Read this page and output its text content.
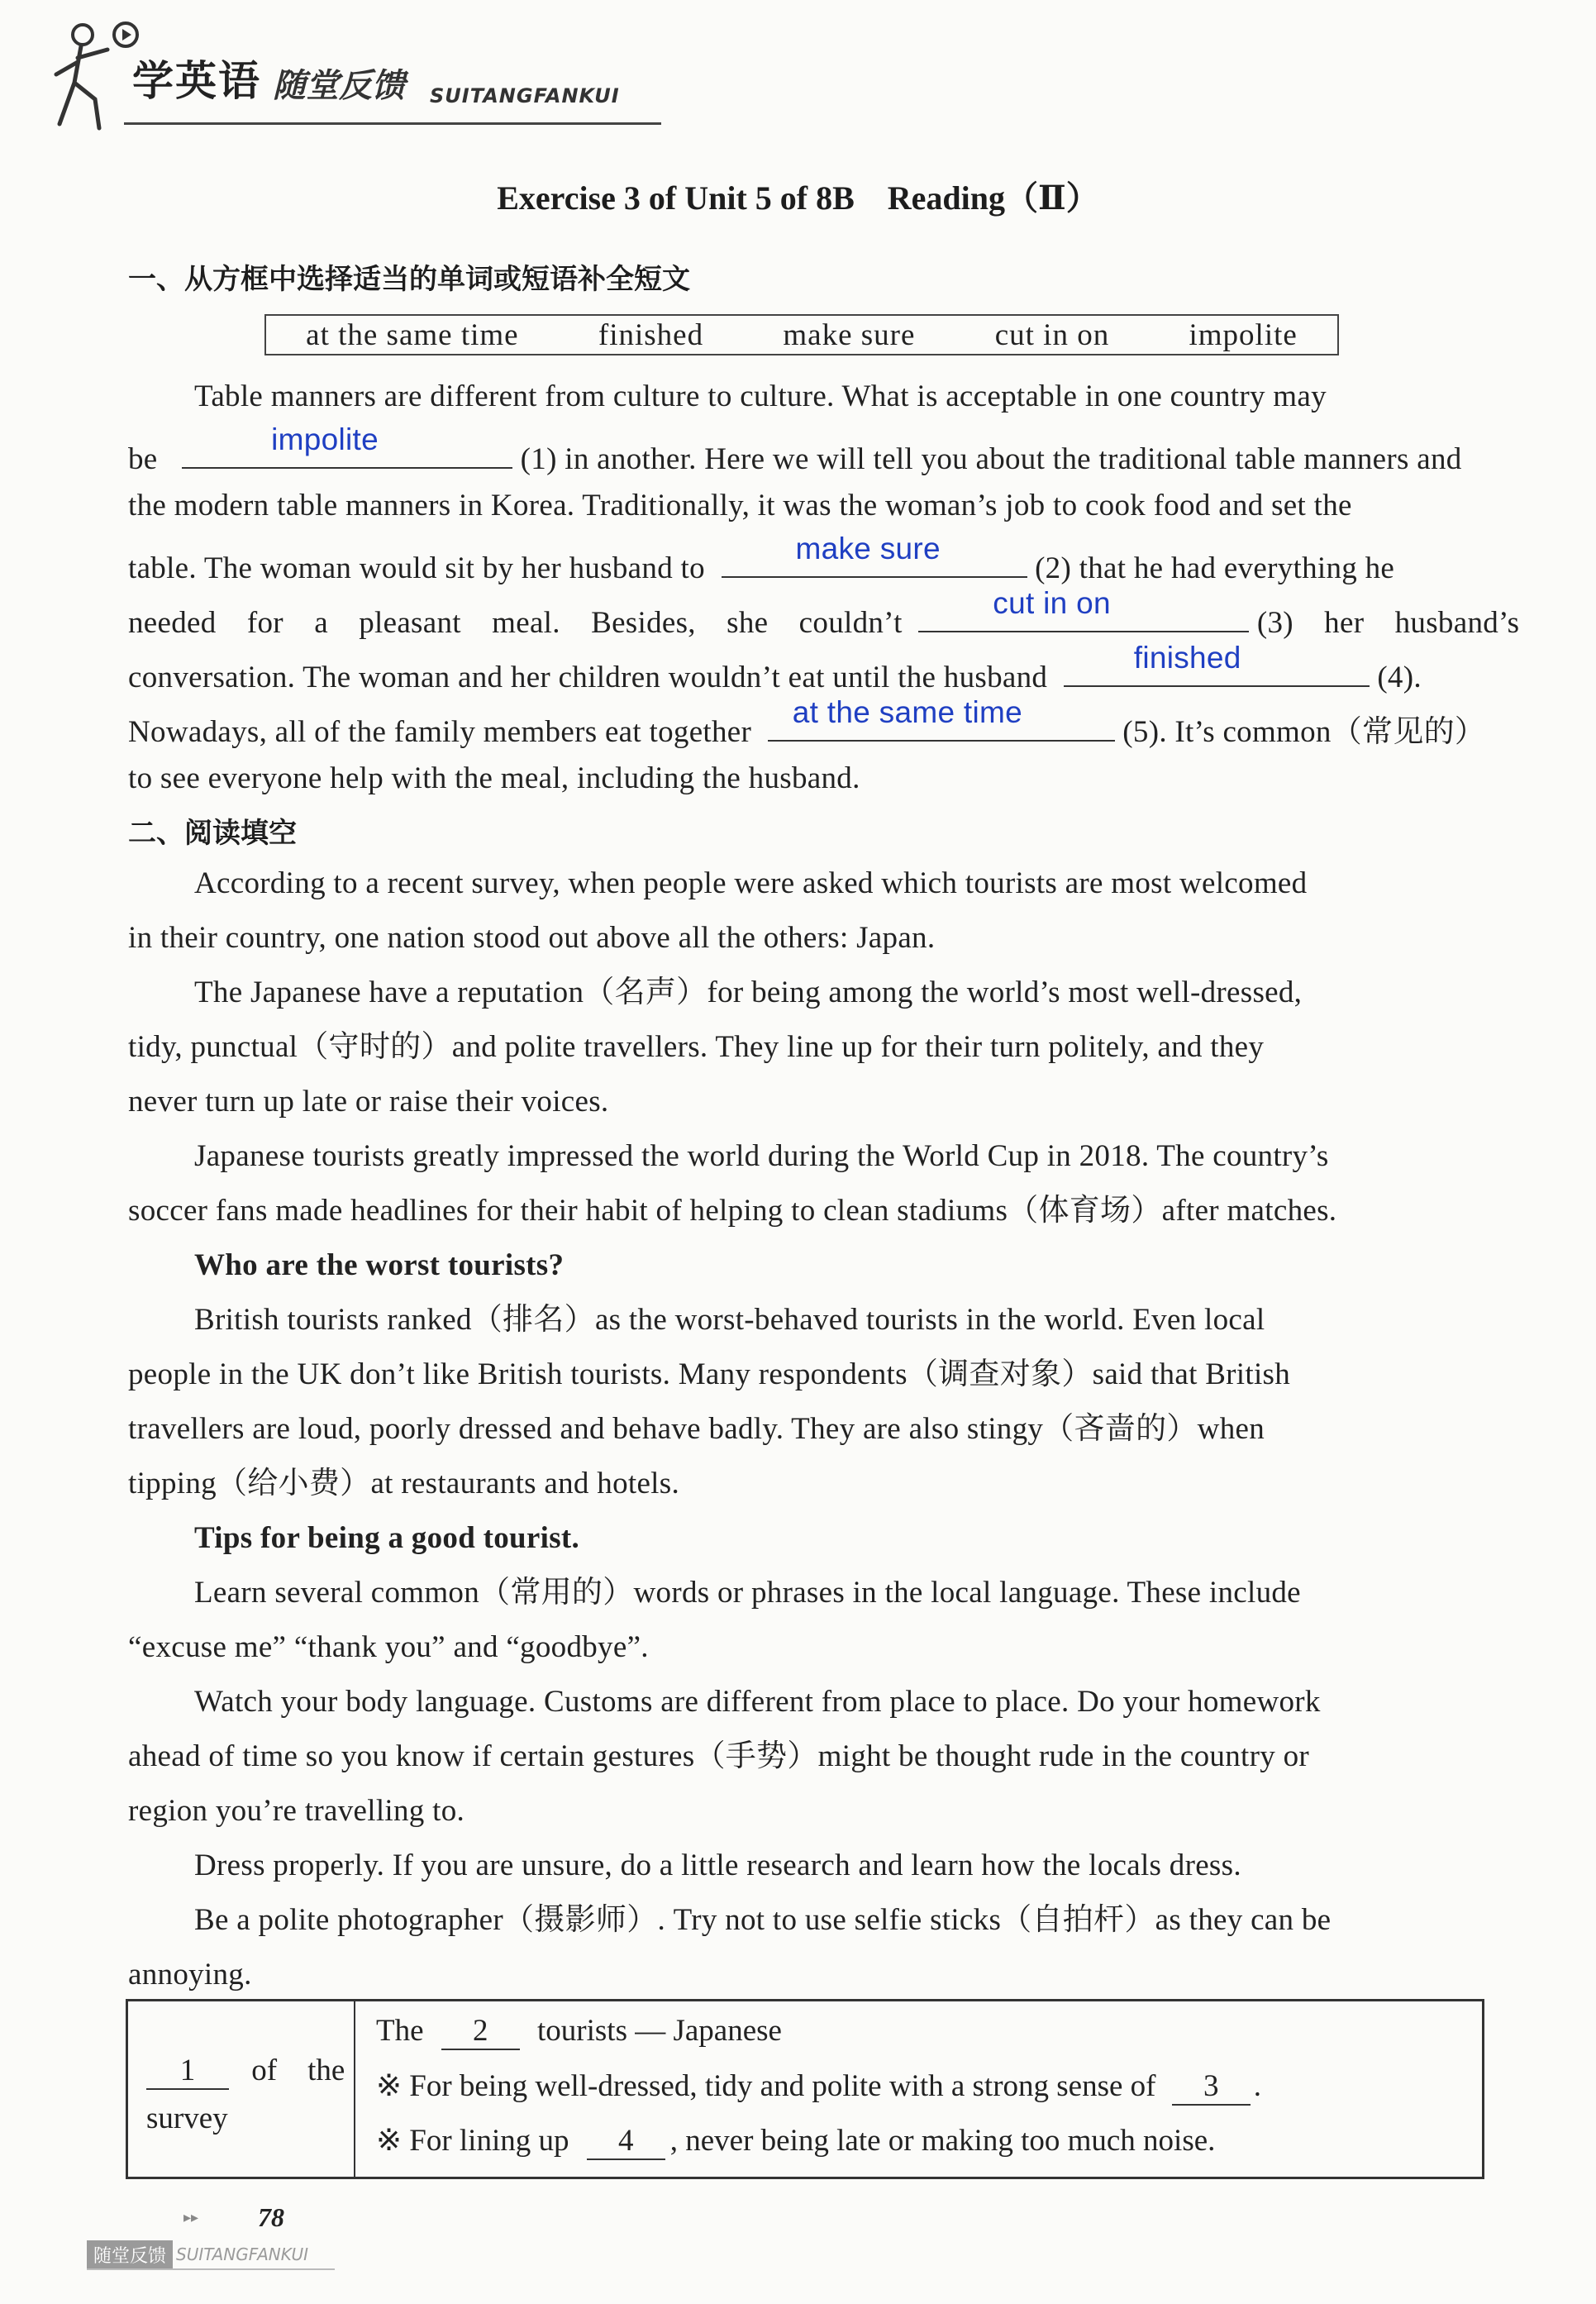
学英语 随堂反馈 SUITANGFANKUI
Exercise 3 of Unit 5 of 8B　Reading（Ⅱ）
一、从方框中选择适当的单词或短语补全短文
at the same time	finished	make sure	cut in on	impolite
Table manners are different from culture to culture. What is acceptable in one country may
be
impolite
(1) in another. Here we will tell you about the traditional table manners and
the modern table manners in Korea. Traditionally, it was the woman’s job to cook food and set the
table. The woman would sit by her husband to
make sure
(2) that he had everything he
needed　for　a　pleasant　meal.　Besides,　she　couldn’t
cut in on
(3)　her　husband’s
conversation. The woman and her children wouldn’t eat until the husband
finished
(4).
Nowadays, all of the family members eat together
at the same time
(5). It’s common（常见的）
to see everyone help with the meal, including the husband.
二、阅读填空
According to a recent survey, when people were asked which tourists are most welcomed
in their country, one nation stood out above all the others: Japan.
The Japanese have a reputation（名声）for being among the world’s most well-dressed,
tidy, punctual（守时的）and polite travellers. They line up for their turn politely, and they
never turn up late or raise their voices.
Japanese tourists greatly impressed the world during the World Cup in 2018. The country’s
soccer fans made headlines for their habit of helping to clean stadiums（体育场）after matches.
Who are the worst tourists?
British tourists ranked（排名）as the worst-behaved tourists in the world. Even local
people in the UK don’t like British tourists. Many respondents（调查对象）said that British
travellers are loud, poorly dressed and behave badly. They are also stingy（吝啬的）when
tipping（给小费）at restaurants and hotels.
Tips for being a good tourist.
Learn several common（常用的）words or phrases in the local language. These include
“excuse me” “thank you” and “goodbye”.
Watch your body language. Customs are different from place to place. Do your homework
ahead of time so you know if certain gestures（手势）might be thought rude in the country or
region you’re travelling to.
Dress properly. If you are unsure, do a little research and learn how the locals dress.
Be a polite photographer（摄影师）. Try not to use selfie sticks（自拍杆）as they can be
annoying.
1 of　the
survey
The 2 tourists — Japanese
※ For being well-dressed, tidy and polite with a strong sense of 3 .
※ For lining up 4 , never being late or making too much noise.
▸▸ 78
随堂反馈 SUITANGFANKUI
